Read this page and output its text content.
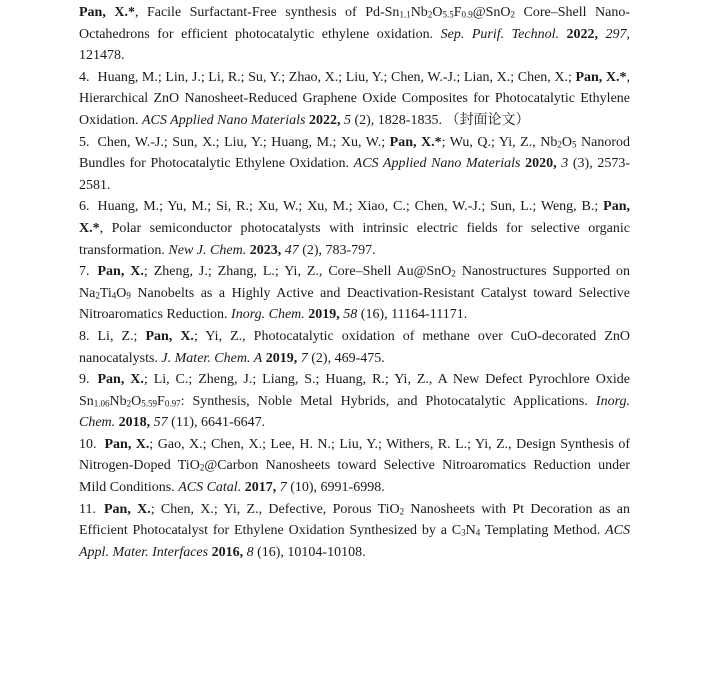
Pan, X.*, Facile Surfactant-Free synthesis of $Pd-Sn_{1.1}Nb_2O_{5.5}F_{0.9}@SnO_2$ Core–Shell Nano-Octahedrons for efficient photocatalytic ethylene oxidation. Sep. Purif. Technol. 2022, 297, 121478.

4. Huang, M.; Lin, J.; Li, R.; Su, Y.; Zhao, X.; Liu, Y.; Chen, W.-J.; Lian, X.; Chen, X.; Pan, X.*, Hierarchical ZnO Nanosheet-Reduced Graphene Oxide Composites for Photocatalytic Ethylene Oxidation. ACS Applied Nano Materials 2022, 5 (2), 1828-1835. （封面论文）

5. Chen, W.-J.; Sun, X.; Liu, Y.; Huang, M.; Xu, W.; Pan, X.*; Wu, Q.; Yi, Z., $Nb_2O_5$ Nanorod Bundles for Photocatalytic Ethylene Oxidation. ACS Applied Nano Materials 2020, 3 (3), 2573-2581.

6. Huang, M.; Yu, M.; Si, R.; Xu, W.; Xu, M.; Xiao, C.; Chen, W.-J.; Sun, L.; Weng, B.; Pan, X.*, Polar semiconductor photocatalysts with intrinsic electric fields for selective organic transformation. New J. Chem. 2023, 47 (2), 783-797.

7. Pan, X.; Zheng, J.; Zhang, L.; Yi, Z., Core–Shell Au@SnO$_2$ Nanostructures Supported on $Na_2Ti_4O_9$ Nanobelts as a Highly Active and Deactivation-Resistant Catalyst toward Selective Nitroaromatics Reduction. Inorg. Chem. 2019, 58 (16), 11164-11171.

8. Li, Z.; Pan, X.; Yi, Z., Photocatalytic oxidation of methane over CuO-decorated ZnO nanocatalysts. J. Mater. Chem. A 2019, 7 (2), 469-475.

9. Pan, X.; Li, C.; Zheng, J.; Liang, S.; Huang, R.; Yi, Z., A New Defect Pyrochlore Oxide $Sn_{1.06}Nb_2O_{5.59}F_{0.97}$: Synthesis, Noble Metal Hybrids, and Photocatalytic Applications. Inorg. Chem. 2018, 57 (11), 6641-6647.

10. Pan, X.; Gao, X.; Chen, X.; Lee, H. N.; Liu, Y.; Withers, R. L.; Yi, Z., Design Synthesis of Nitrogen-Doped TiO$_2$@Carbon Nanosheets toward Selective Nitroaromatics Reduction under Mild Conditions. ACS Catal. 2017, 7 (10), 6991-6998.

11. Pan, X.; Chen, X.; Yi, Z., Defective, Porous TiO$_2$ Nanosheets with Pt Decoration as an Efficient Photocatalyst for Ethylene Oxidation Synthesized by a $C_3N_4$ Templating Method. ACS Appl. Mater. Interfaces 2016, 8 (16), 10104-10108.
